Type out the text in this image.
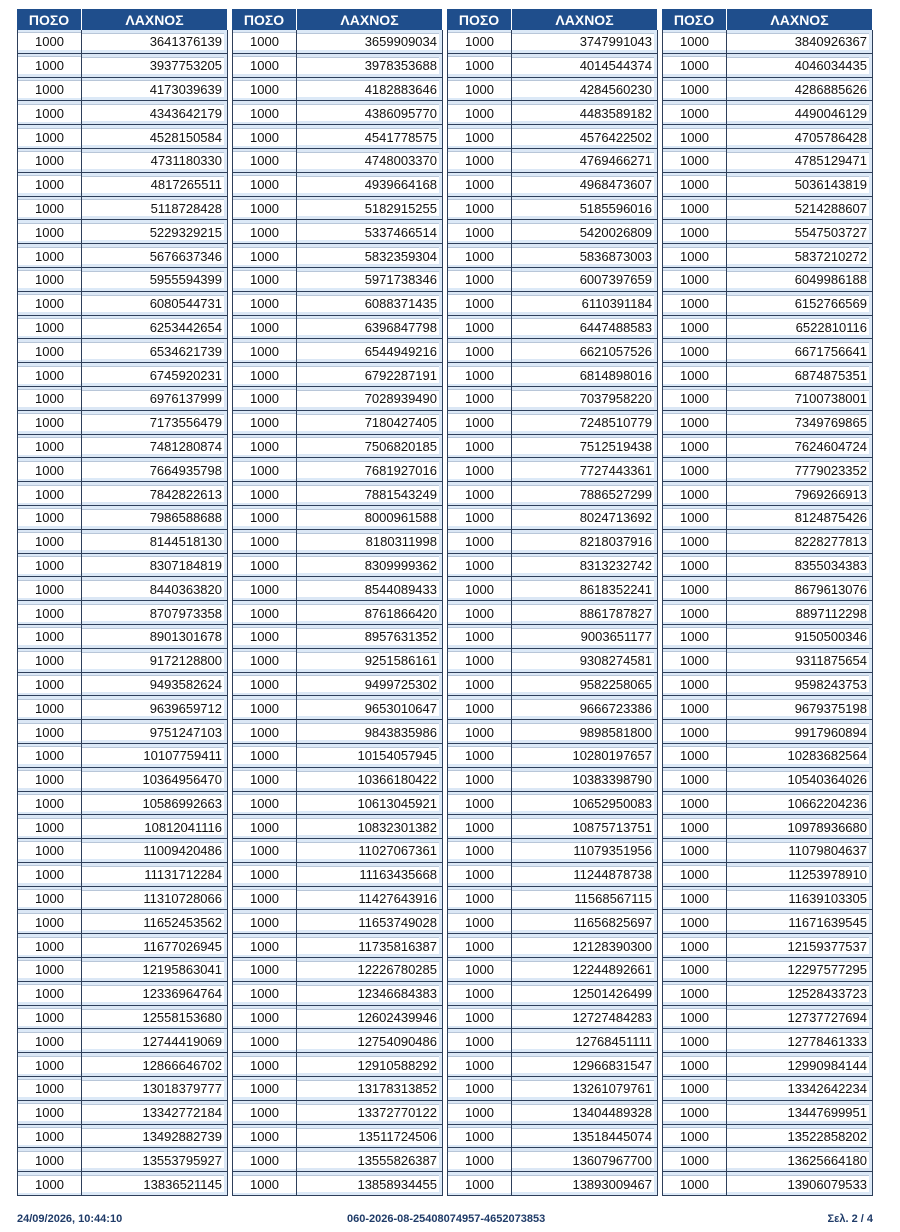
ΠΟΣΟ	ΛΑΧΝΟΣ	ΠΟΣΟ	ΛΑΧΝΟΣ	ΠΟΣΟ	ΛΑΧΝΟΣ	ΠΟΣΟ	ΛΑΧΝΟΣ
1000	3641376139	1000	3659909034	1000	3747991043	1000	3840926367
1000	3937753205	1000	3978353688	1000	4014544374	1000	4046034435
1000	4173039639	1000	4182883646	1000	4284560230	1000	4286885626
1000	4343642179	1000	4386095770	1000	4483589182	1000	4490046129
1000	4528150584	1000	4541778575	1000	4576422502	1000	4705786428
1000	4731180330	1000	4748003370	1000	4769466271	1000	4785129471
1000	4817265511	1000	4939664168	1000	4968473607	1000	5036143819
1000	5118728428	1000	5182915255	1000	5185596016	1000	5214288607
1000	5229329215	1000	5337466514	1000	5420026809	1000	5547503727
1000	5676637346	1000	5832359304	1000	5836873003	1000	5837210272
1000	5955594399	1000	5971738346	1000	6007397659	1000	6049986188
1000	6080544731	1000	6088371435	1000	6110391184	1000	6152766569
1000	6253442654	1000	6396847798	1000	6447488583	1000	6522810116
1000	6534621739	1000	6544949216	1000	6621057526	1000	6671756641
1000	6745920231	1000	6792287191	1000	6814898016	1000	6874875351
1000	6976137999	1000	7028939490	1000	7037958220	1000	7100738001
1000	7173556479	1000	7180427405	1000	7248510779	1000	7349769865
1000	7481280874	1000	7506820185	1000	7512519438	1000	7624604724
1000	7664935798	1000	7681927016	1000	7727443361	1000	7779023352
1000	7842822613	1000	7881543249	1000	7886527299	1000	7969266913
1000	7986588688	1000	8000961588	1000	8024713692	1000	8124875426
1000	8144518130	1000	8180311998	1000	8218037916	1000	8228277813
1000	8307184819	1000	8309999362	1000	8313232742	1000	8355034383
1000	8440363820	1000	8544089433	1000	8618352241	1000	8679613076
1000	8707973358	1000	8761866420	1000	8861787827	1000	8897112298
1000	8901301678	1000	8957631352	1000	9003651177	1000	9150500346
1000	9172128800	1000	9251586161	1000	9308274581	1000	9311875654
1000	9493582624	1000	9499725302	1000	9582258065	1000	9598243753
1000	9639659712	1000	9653010647	1000	9666723386	1000	9679375198
1000	9751247103	1000	9843835986	1000	9898581800	1000	9917960894
1000	10107759411	1000	10154057945	1000	10280197657	1000	10283682564
1000	10364956470	1000	10366180422	1000	10383398790	1000	10540364026
1000	10586992663	1000	10613045921	1000	10652950083	1000	10662204236
1000	10812041116	1000	10832301382	1000	10875713751	1000	10978936680
1000	11009420486	1000	11027067361	1000	11079351956	1000	11079804637
1000	11131712284	1000	11163435668	1000	11244878738	1000	11253978910
1000	11310728066	1000	11427643916	1000	11568567115	1000	11639103305
1000	11652453562	1000	11653749028	1000	11656825697	1000	11671639545
1000	11677026945	1000	11735816387	1000	12128390300	1000	12159377537
1000	12195863041	1000	12226780285	1000	12244892661	1000	12297577295
1000	12336964764	1000	12346684383	1000	12501426499	1000	12528433723
1000	12558153680	1000	12602439946	1000	12727484283	1000	12737727694
1000	12744419069	1000	12754090486	1000	12768451111	1000	12778461333
1000	12866646702	1000	12910588292	1000	12966831547	1000	12990984144
1000	13018379777	1000	13178313852	1000	13261079761	1000	13342642234
1000	13342772184	1000	13372770122	1000	13404489328	1000	13447699951
1000	13492882739	1000	13511724506	1000	13518445074	1000	13522858202
1000	13553795927	1000	13555826387	1000	13607967700	1000	13625664180
1000	13836521145	1000	13858934455	1000	13893009467	1000	13906079533
24/09/2026, 10:44:10	060-2026-08-25408074957-4652073853	Σελ. 2 / 4
